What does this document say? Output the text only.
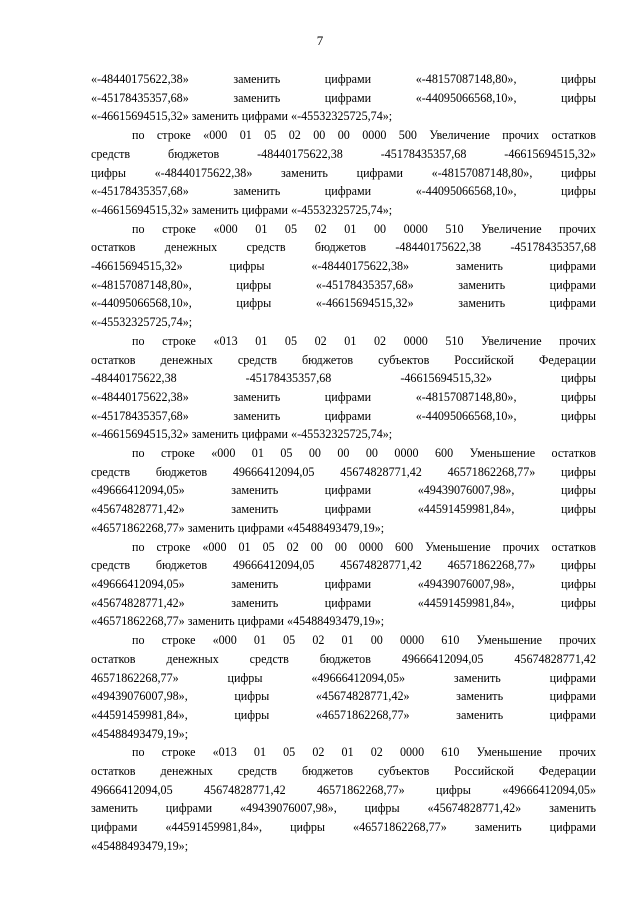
7
«-48440175622,38» заменить цифрами «-48157087148,80», цифры
«-45178435357,68» заменить цифрами «-44095066568,10», цифры
«-46615694515,32» заменить цифрами «-45532325725,74»;
по строке «000 01 05 02 00 00 0000 500 Увеличение прочих остатков
средств бюджетов -48440175622,38 -45178435357,68 -46615694515,32»
цифры «-48440175622,38» заменить цифрами «-48157087148,80», цифры
«-45178435357,68» заменить цифрами «-44095066568,10», цифры
«-46615694515,32» заменить цифрами «-45532325725,74»;
по строке «000 01 05 02 01 00 0000 510 Увеличение прочих
остатков денежных средств бюджетов -48440175622,38 -45178435357,68
-46615694515,32» цифры «-48440175622,38» заменить цифрами
«-48157087148,80», цифры «-45178435357,68» заменить цифрами
«-44095066568,10», цифры «-46615694515,32» заменить цифрами
«-45532325725,74»;
по строке «013 01 05 02 01 02 0000 510 Увеличение прочих
остатков денежных средств бюджетов субъектов Российской Федерации
-48440175622,38 -45178435357,68 -46615694515,32» цифры
«-48440175622,38» заменить цифрами «-48157087148,80», цифры
«-45178435357,68» заменить цифрами «-44095066568,10», цифры
«-46615694515,32» заменить цифрами «-45532325725,74»;
по строке «000 01 05 00 00 00 0000 600 Уменьшение остатков
средств бюджетов 49666412094,05 45674828771,42 46571862268,77» цифры
«49666412094,05» заменить цифрами «49439076007,98», цифры
«45674828771,42» заменить цифрами «44591459981,84», цифры
«46571862268,77» заменить цифрами «45488493479,19»;
по строке «000 01 05 02 00 00 0000 600 Уменьшение прочих остатков
средств бюджетов 49666412094,05 45674828771,42 46571862268,77» цифры
«49666412094,05» заменить цифрами «49439076007,98», цифры
«45674828771,42» заменить цифрами «44591459981,84», цифры
«46571862268,77» заменить цифрами «45488493479,19»;
по строке «000 01 05 02 01 00 0000 610 Уменьшение прочих
остатков денежных средств бюджетов 49666412094,05 45674828771,42
46571862268,77» цифры «49666412094,05» заменить цифрами
«49439076007,98», цифры «45674828771,42» заменить цифрами
«44591459981,84», цифры «46571862268,77» заменить цифрами
«45488493479,19»;
по строке «013 01 05 02 01 02 0000 610 Уменьшение прочих
остатков денежных средств бюджетов субъектов Российской Федерации
49666412094,05 45674828771,42 46571862268,77» цифры «49666412094,05»
заменить цифрами «49439076007,98», цифры «45674828771,42» заменить
цифрами «44591459981,84», цифры «46571862268,77» заменить цифрами
«45488493479,19»;
